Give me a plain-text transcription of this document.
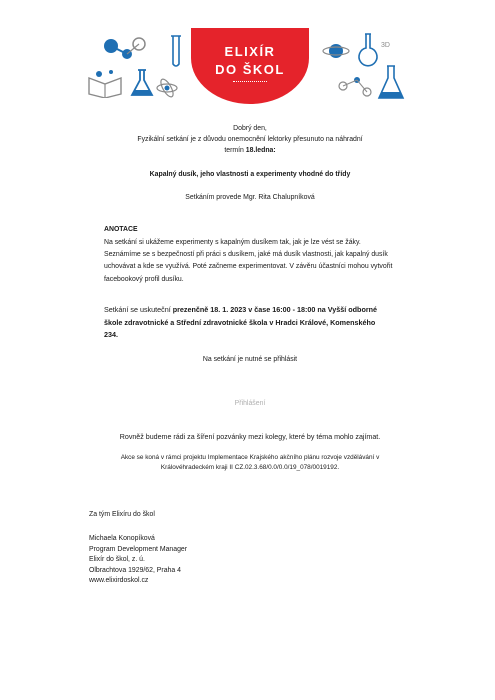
ELIXÍR
DO ŠKOL
3D
Dobrý den,
Fyzikální setkání je z důvodu onemocnění lektorky přesunuto na náhradní
termín 18.ledna:
Kapalný dusík, jeho vlastnosti a experimenty vhodné do třídy
Setkáním provede Mgr. Rita Chalupníková
ANOTACE
Na setkání si ukážeme experimenty s kapalným dusíkem tak, jak je lze vést se žáky.
Seznámíme se s bezpečností při práci s dusíkem, jaké má dusík vlastnosti, jak kapalný dusík
uchovávat a kde se využívá. Poté začneme experimentovat. V závěru účastníci mohou vytvořit
facebookový profil dusíku.
Setkání se uskuteční prezenčně 18. 1. 2023 v čase 16:00 - 18:00 na Vyšší odborné
škole zdravotnické a Střední zdravotnické škola v Hradci Králové, Komenského
234.
Na setkání je nutné se přihlásit
Přihlášení
Rovněž budeme rádi za šíření pozvánky mezi kolegy, které by téma mohlo zajímat.
Akce se koná v rámci projektu Implementace Krajského akčního plánu rozvoje vzdělávání v
Královéhradeckém kraji II CZ.02.3.68/0.0/0.0/19_078/0019192.
Za tým Elixíru do škol
Michaela Konopíková
Program Development Manager
Elixír do škol, z. ú.
Olbrachtova 1929/62, Praha 4
www.elixirdoskol.cz
